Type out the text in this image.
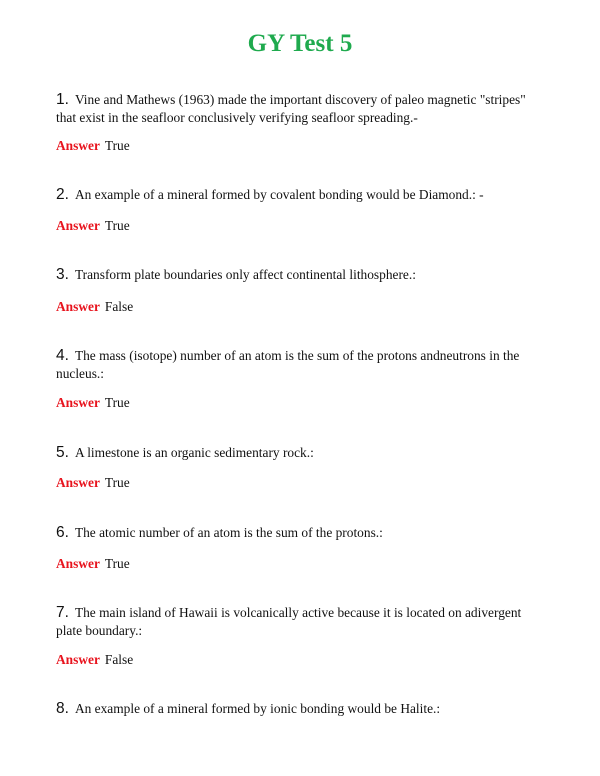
GY Test 5

1. Vine and Mathews (1963) made the important discovery of paleo magnetic "stripes" that exist in the seafloor conclusively verifying seafloor spreading.-

Answer True

2. An example of a mineral formed by covalent bonding would be Diamond.: -

Answer True

3. Transform plate boundaries only affect continental lithosphere.:

Answer False

4. The mass (isotope) number of an atom is the sum of the protons andneutrons in the nucleus.:

Answer True

5. A limestone is an organic sedimentary rock.:

Answer True

6. The atomic number of an atom is the sum of the protons.:

Answer True

7. The main island of Hawaii is volcanically active because it is located on adivergent plate boundary.:

Answer False

8. An example of a mineral formed by ionic bonding would be Halite.:
